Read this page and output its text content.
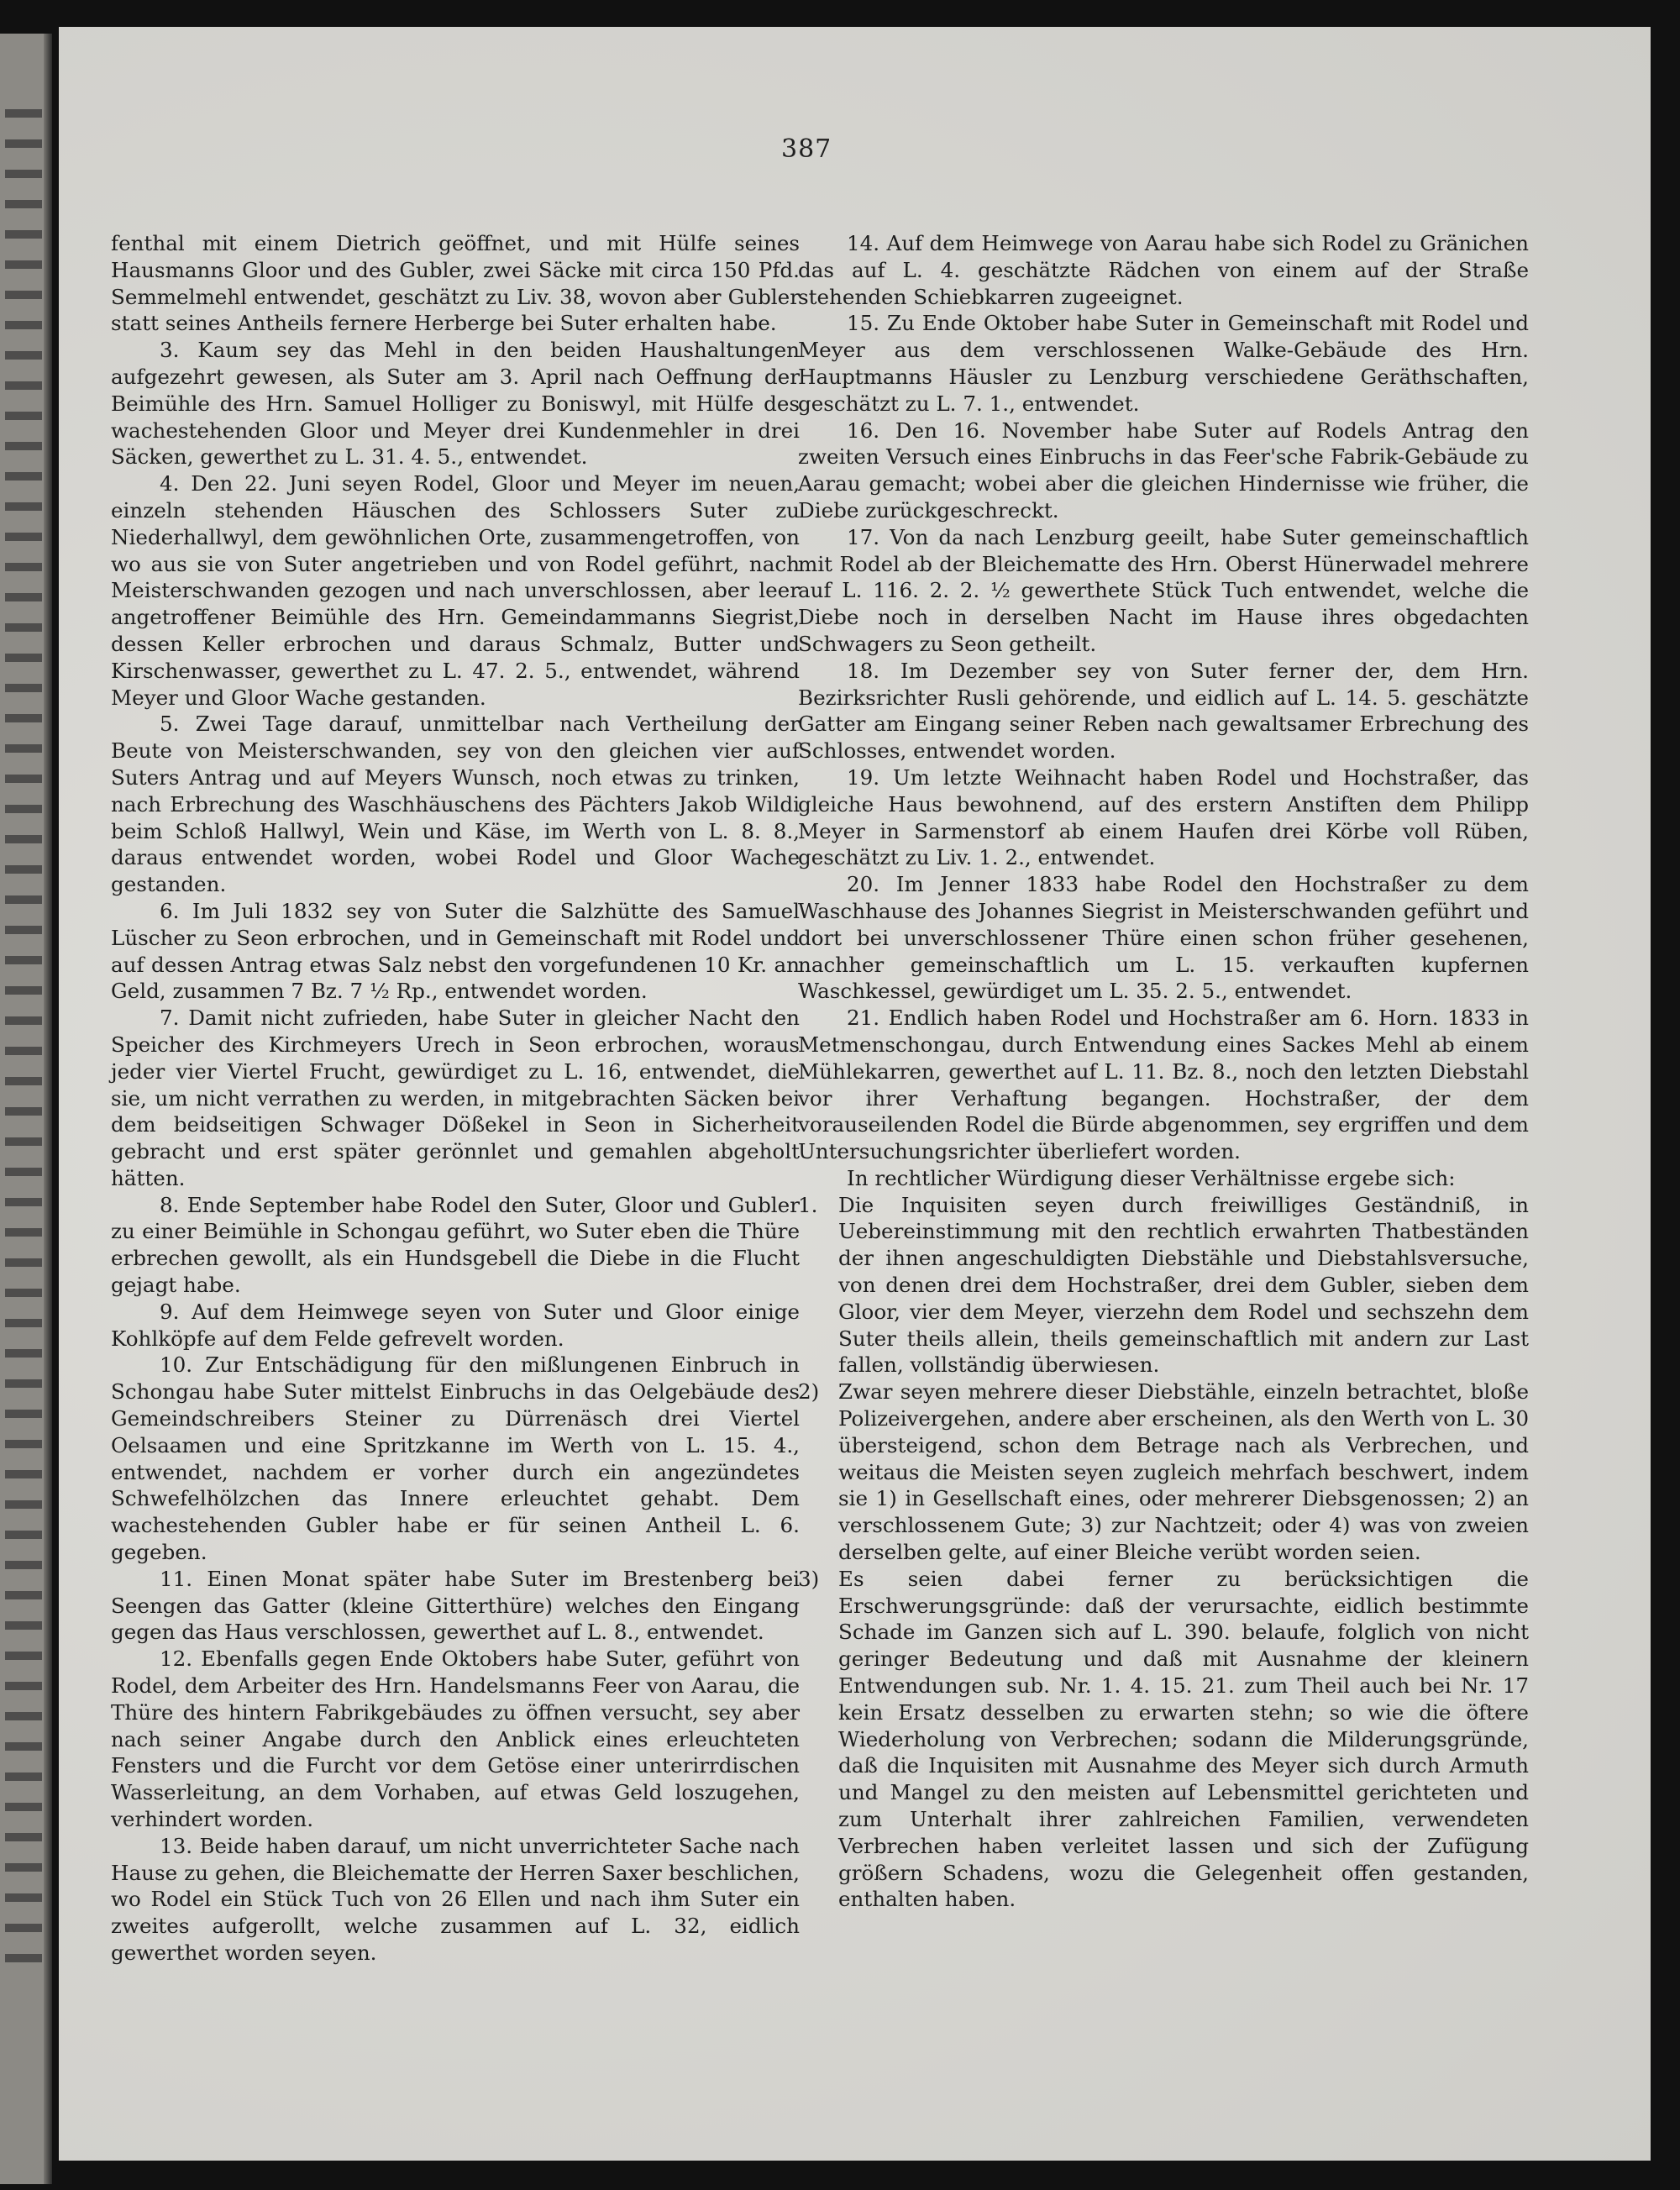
387

fenthal mit einem Dietrich geöffnet, und mit Hülfe seines Hausmanns Gloor und des Gubler, zwei Säcke mit circa 150 Pfd. Semmelmehl entwendet, geschätzt zu Liv. 38, wovon aber Gubler statt seines Antheils fernere Herberge bei Suter erhalten habe.

3. Kaum sey das Mehl in den beiden Haushaltungen aufgezehrt gewesen, als Suter am 3. April nach Oeffnung der Beimühle des Hrn. Samuel Holliger zu Boniswyl, mit Hülfe des wachestehenden Gloor und Meyer drei Kundenmehler in drei Säcken, gewerthet zu L. 31. 4. 5., entwendet.

4. Den 22. Juni seyen Rodel, Gloor und Meyer im neuen, einzeln stehenden Häuschen des Schlossers Suter zu Niederhallwyl, dem gewöhnlichen Orte, zusammengetroffen, von wo aus sie von Suter angetrieben und von Rodel geführt, nach Meisterschwanden gezogen und nach unverschlossen, aber leer angetroffener Beimühle des Hrn. Gemeindammanns Siegrist, dessen Keller erbrochen und daraus Schmalz, Butter und Kirschenwasser, gewerthet zu L. 47. 2. 5., entwendet, während Meyer und Gloor Wache gestanden.

5. Zwei Tage darauf, unmittelbar nach Vertheilung der Beute von Meisterschwanden, sey von den gleichen vier auf Suters Antrag und auf Meyers Wunsch, noch etwas zu trinken, nach Erbrechung des Waschhäuschens des Pächters Jakob Wildi beim Schloß Hallwyl, Wein und Käse, im Werth von L. 8. 8., daraus entwendet worden, wobei Rodel und Gloor Wache gestanden.

6. Im Juli 1832 sey von Suter die Salzhütte des Samuel Lüscher zu Seon erbrochen, und in Gemeinschaft mit Rodel und auf dessen Antrag etwas Salz nebst den vorgefundenen 10 Kr. an Geld, zusammen 7 Bz. 7 ½ Rp., entwendet worden.

7. Damit nicht zufrieden, habe Suter in gleicher Nacht den Speicher des Kirchmeyers Urech in Seon erbrochen, woraus jeder vier Viertel Frucht, gewürdiget zu L. 16, entwendet, die sie, um nicht verrathen zu werden, in mitgebrachten Säcken bei dem beidseitigen Schwager Dößekel in Seon in Sicherheit gebracht und erst später gerönnlet und gemahlen abgeholt hätten.

8. Ende September habe Rodel den Suter, Gloor und Gubler zu einer Beimühle in Schongau geführt, wo Suter eben die Thüre erbrechen gewollt, als ein Hundsgebell die Diebe in die Flucht gejagt habe.

9. Auf dem Heimwege seyen von Suter und Gloor einige Kohlköpfe auf dem Felde gefrevelt worden.

10. Zur Entschädigung für den mißlungenen Einbruch in Schongau habe Suter mittelst Einbruchs in das Oelgebäude des Gemeindschreibers Steiner zu Dürrenäsch drei Viertel Oelsaamen und eine Spritzkanne im Werth von L. 15. 4., entwendet, nachdem er vorher durch ein angezündetes Schwefelhölzchen das Innere erleuchtet gehabt. Dem wachestehenden Gubler habe er für seinen Antheil L. 6. gegeben.

11. Einen Monat später habe Suter im Brestenberg bei Seengen das Gatter (kleine Gitterthüre) welches den Eingang gegen das Haus verschlossen, gewerthet auf L. 8., entwendet.

12. Ebenfalls gegen Ende Oktobers habe Suter, geführt von Rodel, dem Arbeiter des Hrn. Handelsmanns Feer von Aarau, die Thüre des hintern Fabrikgebäudes zu öffnen versucht, sey aber nach seiner Angabe durch den Anblick eines erleuchteten Fensters und die Furcht vor dem Getöse einer unterirrdischen Wasserleitung, an dem Vorhaben, auf etwas Geld loszugehen, verhindert worden.

13. Beide haben darauf, um nicht unverrichteter Sache nach Hause zu gehen, die Bleichematte der Herren Saxer beschlichen, wo Rodel ein Stück Tuch von 26 Ellen und nach ihm Suter ein zweites aufgerollt, welche zusammen auf L. 32, eidlich gewerthet worden seyen.

14. Auf dem Heimwege von Aarau habe sich Rodel zu Gränichen das auf L. 4. geschätzte Rädchen von einem auf der Straße stehenden Schiebkarren zugeeignet.

15. Zu Ende Oktober habe Suter in Gemeinschaft mit Rodel und Meyer aus dem verschlossenen Walke-Gebäude des Hrn. Hauptmanns Häusler zu Lenzburg verschiedene Geräthschaften, geschätzt zu L. 7. 1., entwendet.

16. Den 16. November habe Suter auf Rodels Antrag den zweiten Versuch eines Einbruchs in das Feer'sche Fabrik-Gebäude zu Aarau gemacht; wobei aber die gleichen Hindernisse wie früher, die Diebe zurückgeschreckt.

17. Von da nach Lenzburg geeilt, habe Suter gemeinschaftlich mit Rodel ab der Bleichematte des Hrn. Oberst Hünerwadel mehrere auf L. 116. 2. 2. ½ gewerthete Stück Tuch entwendet, welche die Diebe noch in derselben Nacht im Hause ihres obgedachten Schwagers zu Seon getheilt.

18. Im Dezember sey von Suter ferner der, dem Hrn. Bezirksrichter Rusli gehörende, und eidlich auf L. 14. 5. geschätzte Gatter am Eingang seiner Reben nach gewaltsamer Erbrechung des Schlosses, entwendet worden.

19. Um letzte Weihnacht haben Rodel und Hochstraßer, das gleiche Haus bewohnend, auf des erstern Anstiften dem Philipp Meyer in Sarmenstorf ab einem Haufen drei Körbe voll Rüben, geschätzt zu Liv. 1. 2., entwendet.

20. Im Jenner 1833 habe Rodel den Hochstraßer zu dem Waschhause des Johannes Siegrist in Meisterschwanden geführt und dort bei unverschlossener Thüre einen schon früher gesehenen, nachher gemeinschaftlich um L. 15. verkauften kupfernen Waschkessel, gewürdiget um L. 35. 2. 5., entwendet.

21. Endlich haben Rodel und Hochstraßer am 6. Horn. 1833 in Metmenschongau, durch Entwendung eines Sackes Mehl ab einem Mühlekarren, gewerthet auf L. 11. Bz. 8., noch den letzten Diebstahl vor ihrer Verhaftung begangen. Hochstraßer, der dem vorauseilenden Rodel die Bürde abgenommen, sey ergriffen und dem Untersuchungsrichter überliefert worden.

In rechtlicher Würdigung dieser Verhältnisse ergebe sich:

1. Die Inquisiten seyen durch freiwilliges Geständniß, in Uebereinstimmung mit den rechtlich erwahrten Thatbeständen der ihnen angeschuldigten Diebstähle und Diebstahlsversuche, von denen drei dem Hochstraßer, drei dem Gubler, sieben dem Gloor, vier dem Meyer, vierzehn dem Rodel und sechszehn dem Suter theils allein, theils gemeinschaftlich mit andern zur Last fallen, vollständig überwiesen.
2) Zwar seyen mehrere dieser Diebstähle, einzeln betrachtet, bloße Polizeivergehen, andere aber erscheinen, als den Werth von L. 30 übersteigend, schon dem Betrage nach als Verbrechen, und weitaus die Meisten seyen zugleich mehrfach beschwert, indem sie 1) in Gesellschaft eines, oder mehrerer Diebsgenossen; 2) an verschlossenem Gute; 3) zur Nachtzeit; oder 4) was von zweien derselben gelte, auf einer Bleiche verübt worden seien.
3) Es seien dabei ferner zu berücksichtigen die Erschwerungsgründe: daß der verursachte, eidlich bestimmte Schade im Ganzen sich auf L. 390. belaufe, folglich von nicht geringer Bedeutung und daß mit Ausnahme der kleinern Entwendungen sub. Nr. 1. 4. 15. 21. zum Theil auch bei Nr. 17 kein Ersatz desselben zu erwarten stehn; so wie die öftere Wiederholung von Verbrechen; sodann die Milderungsgründe, daß die Inquisiten mit Ausnahme des Meyer sich durch Armuth und Mangel zu den meisten auf Lebensmittel gerichteten und zum Unterhalt ihrer zahlreichen Familien, verwendeten Verbrechen haben verleitet lassen und sich der Zufügung größern Schadens, wozu die Gelegenheit offen gestanden, enthalten haben.
